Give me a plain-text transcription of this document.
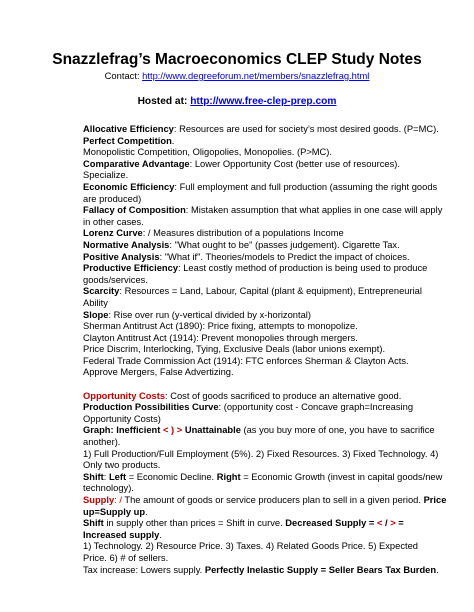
Snazzlefrag’s Macroeconomics CLEP Study Notes
Contact: http://www.degreeforum.net/members/snazzlefrag.html
Hosted at: http://www.free-clep-prep.com
Allocative Efficiency: Resources are used for society’s most desired goods. (P=MC).
Perfect Competition.
Monopolistic Competition, Oligopolies, Monopolies. (P>MC).
Comparative Advantage: Lower Opportunity Cost (better use of resources).
Specialize.
Economic Efficiency: Full employment and full production (assuming the right goods
are produced)
Fallacy of Composition: Mistaken assumption that what applies in one case will apply
in other cases.
Lorenz Curve: / Measures distribution of a populations Income
Normative Analysis: "What ought to be" (passes judgement). Cigarette Tax.
Positive Analysis: "What if". Theories/models to Predict the impact of choices.
Productive Efficiency: Least costly method of production is being used to produce
goods/services.
Scarcity: Resources = Land, Labour, Capital (plant & equipment), Entrepreneurial
Ability
Slope: Rise over run (y-vertical divided by x-horizontal)
Sherman Antitrust Act (1890): Price fixing, attempts to monopolize.
Clayton Antitrust Act (1914): Prevent monopolies through mergers.
Price Discrim, Interlocking, Tying, Exclusive Deals (labor unions exempt).
Federal Trade Commission Act (1914): FTC enforces Sherman & Clayton Acts.
Approve Mergers, False Advertizing.
Opportunity Costs: Cost of goods sacrificed to produce an alternative good.
Production Possibilities Curve: (opportunity cost - Concave graph=Increasing
Opportunity Costs)
Graph: Inefficient < ) > Unattainable (as you buy more of one, you have to sacrifice
another).
1) Full Production/Full Employment (5%). 2) Fixed Resources. 3) Fixed Technology. 4)
Only two products.
Shift: Left = Economic Decline. Right = Economic Growth (invest in capital goods/new
technology).
Supply: / The amount of goods or service producers plan to sell in a given period. Price
up=Supply up.
Shift in supply other than prices = Shift in curve. Decreased Supply = < / > =
Increased supply.
1) Technology. 2) Resource Price. 3) Taxes. 4) Related Goods Price. 5) Expected
Price. 6) # of sellers.
Tax increase: Lowers supply. Perfectly Inelastic Supply = Seller Bears Tax Burden.
